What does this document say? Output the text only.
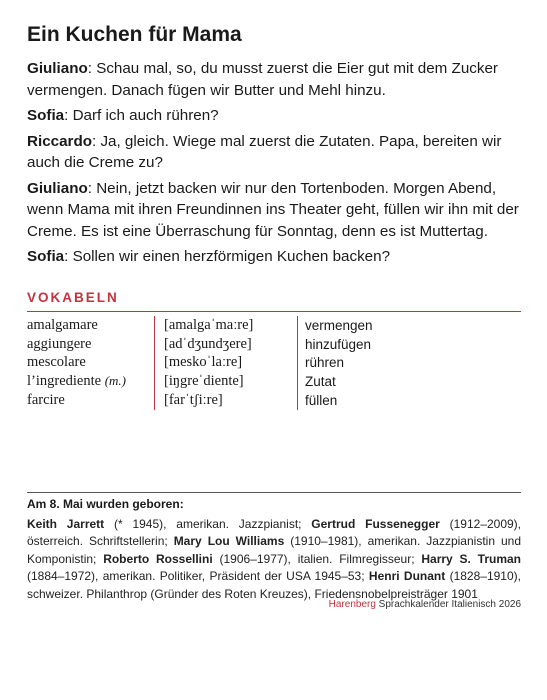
Ein Kuchen für Mama

Giuliano: Schau mal, so, du musst zuerst die Eier gut mit dem Zucker vermengen. Danach fügen wir Butter und Mehl hinzu.

Sofia: Darf ich auch rühren?

Riccardo: Ja, gleich. Wiege mal zuerst die Zutaten. Papa, bereiten wir auch die Creme zu?

Giuliano: Nein, jetzt backen wir nur den Tortenboden. Morgen Abend, wenn Mama mit ihren Freundinnen ins Theater geht, füllen wir ihn mit der Creme. Es ist eine Überraschung für Sonntag, denn es ist Muttertag.

Sofia: Sollen wir einen herzförmigen Kuchen backen?

VOKABELN

amalgamare	[amalgaˈmaːre]	vermengen
aggiungere	[adˈdʒundʒere]	hinzufügen
mescolare	[meskoˈlaːre]	rühren
l’ingrediente (m.)	[iŋgreˈdiente]	Zutat
farcire	[farˈtʃiːre]	füllen

Am 8. Mai wurden geboren:

Keith Jarrett (* 1945), amerikan. Jazzpianist; Gertrud Fussenegger (1912–2009), österreich. Schriftstellerin; Mary Lou Williams (1910–1981), amerikan. Jazzpianistin und Komponistin; Roberto Rossellini (1906–1977), italien. Filmregisseur; Harry S. Truman (1884–1972), amerikan. Politiker, Präsident der USA 1945–53; Henri Dunant (1828–1910), schweizer. Philanthrop (Gründer des Roten Kreuzes), Friedensnobelpreisträger 1901

Harenberg Sprachkalender Italienisch 2026
